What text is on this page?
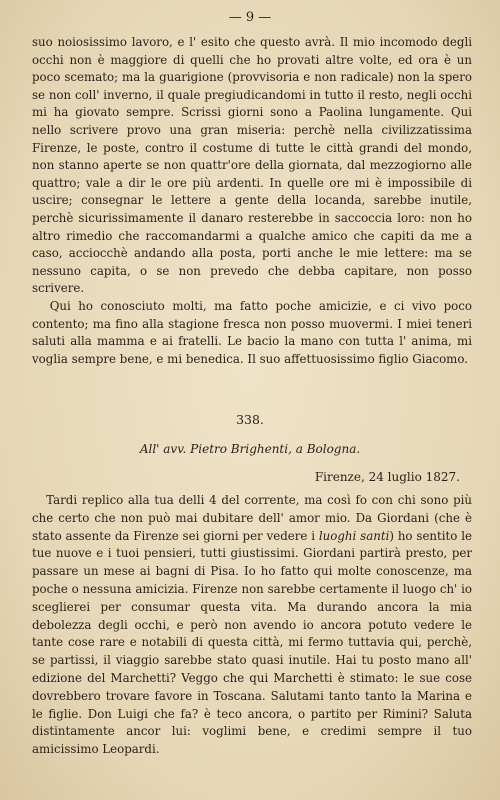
— 9 —

suo noiosissimo lavoro, e l' esito che questo avrà. Il mio incomodo degli occhi non è maggiore di quelli che ho provati altre volte, ed ora è un poco scemato; ma la guarigione (provvisoria e non radicale) non la spero se non coll' inverno, il quale pregiudicandomi in tutto il resto, negli occhi mi ha giovato sempre. Scrissi giorni sono a Paolina lungamente. Qui nello scrivere provo una gran miseria: perchè nella civilizzatissima Firenze, le poste, contro il costume di tutte le città grandi del mondo, non stanno aperte se non quattr'ore della giornata, dal mezzogiorno alle quattro; vale a dir le ore più ardenti. In quelle ore mi è impossibile di uscire; consegnar le lettere a gente della locanda, sarebbe inutile, perchè sicurissimamente il danaro resterebbe in saccoccia loro: non ho altro rimedio che raccomandarmi a qualche amico che capiti da me a caso, acciocchè andando alla posta, porti anche le mie lettere: ma se nessuno capita, o se non prevedo che debba capitare, non posso scrivere.

Qui ho conosciuto molti, ma fatto poche amicizie, e ci vivo poco contento; ma fino alla stagione fresca non posso muovermi. I miei teneri saluti alla mamma e ai fratelli. Le bacio la mano con tutta l' anima, mi voglia sempre bene, e mi benedica. Il suo affettuosissimo figlio Giacomo.

338.
All' avv. Pietro Brighenti, a Bologna.
Firenze, 24 luglio 1827.

Tardi replico alla tua delli 4 del corrente, ma così fo con chi sono più che certo che non può mai dubitare dell' amor mio. Da Giordani (che è stato assente da Firenze sei giorni per vedere i luoghi santi) ho sentito le tue nuove e i tuoi pensieri, tutti giustissimi. Giordani partirà presto, per passare un mese ai bagni di Pisa. Io ho fatto qui molte conoscenze, ma poche o nessuna amicizia. Firenze non sarebbe certamente il luogo ch' io sceglierei per consumar questa vita. Ma durando ancora la mia debolezza degli occhi, e però non avendo io ancora potuto vedere le tante cose rare e notabili di questa città, mi fermo tuttavia qui, perchè, se partissi, il viaggio sarebbe stato quasi inutile. Hai tu posto mano all' edizione del Marchetti? Veggo che qui Marchetti è stimato: le sue cose dovrebbero trovare favore in Toscana. Salutami tanto tanto la Marina e le figlie. Don Luigi che fa? è teco ancora, o partito per Rimini? Saluta distintamente ancor lui: voglimi bene, e credimi sempre il tuo amicissimo Leopardi.
